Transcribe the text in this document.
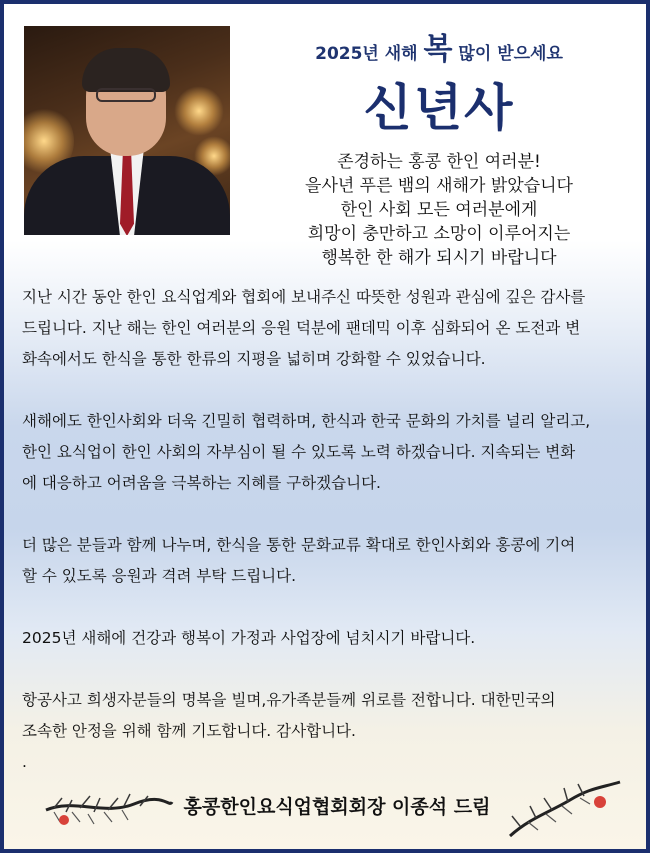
2025년 새해 복 많이 받으세요
신년사
존경하는 홍콩 한인 여러분!
을사년 푸른 뱀의 새해가 밝았습니다
한인 사회 모든 여러분에게
희망이 충만하고 소망이 이루어지는
행복한 한 해가 되시기 바랍니다

지난 시간 동안 한인 요식업계와 협회에 보내주신 따뜻한 성원과 관심에 깊은 감사를
드립니다. 지난 해는 한인 여러분의 응원 덕분에 팬데믹 이후 심화되어 온 도전과 변
화속에서도 한식을 통한 한류의 지평을 넓히며 강화할 수 있었습니다.

새해에도 한인사회와 더욱 긴밀히 협력하며, 한식과 한국 문화의 가치를 널리 알리고,
한인 요식업이 한인 사회의 자부심이 될 수 있도록 노력 하겠습니다. 지속되는 변화
에 대응하고 어려움을 극복하는 지혜를 구하겠습니다.

더 많은 분들과 함께 나누며, 한식을 통한 문화교류 확대로 한인사회와 홍콩에 기여
할 수 있도록 응원과 격려 부탁 드립니다.

2025년 새해에 건강과 행복이 가정과 사업장에 넘치시기 바랍니다.

항공사고 희생자분들의 명복을 빌며,유가족분들께 위로를 전합니다. 대한민국의
조속한 안정을 위해 함께 기도합니다. 감사합니다.

.

홍콩한인요식업협회회장 이종석 드림
